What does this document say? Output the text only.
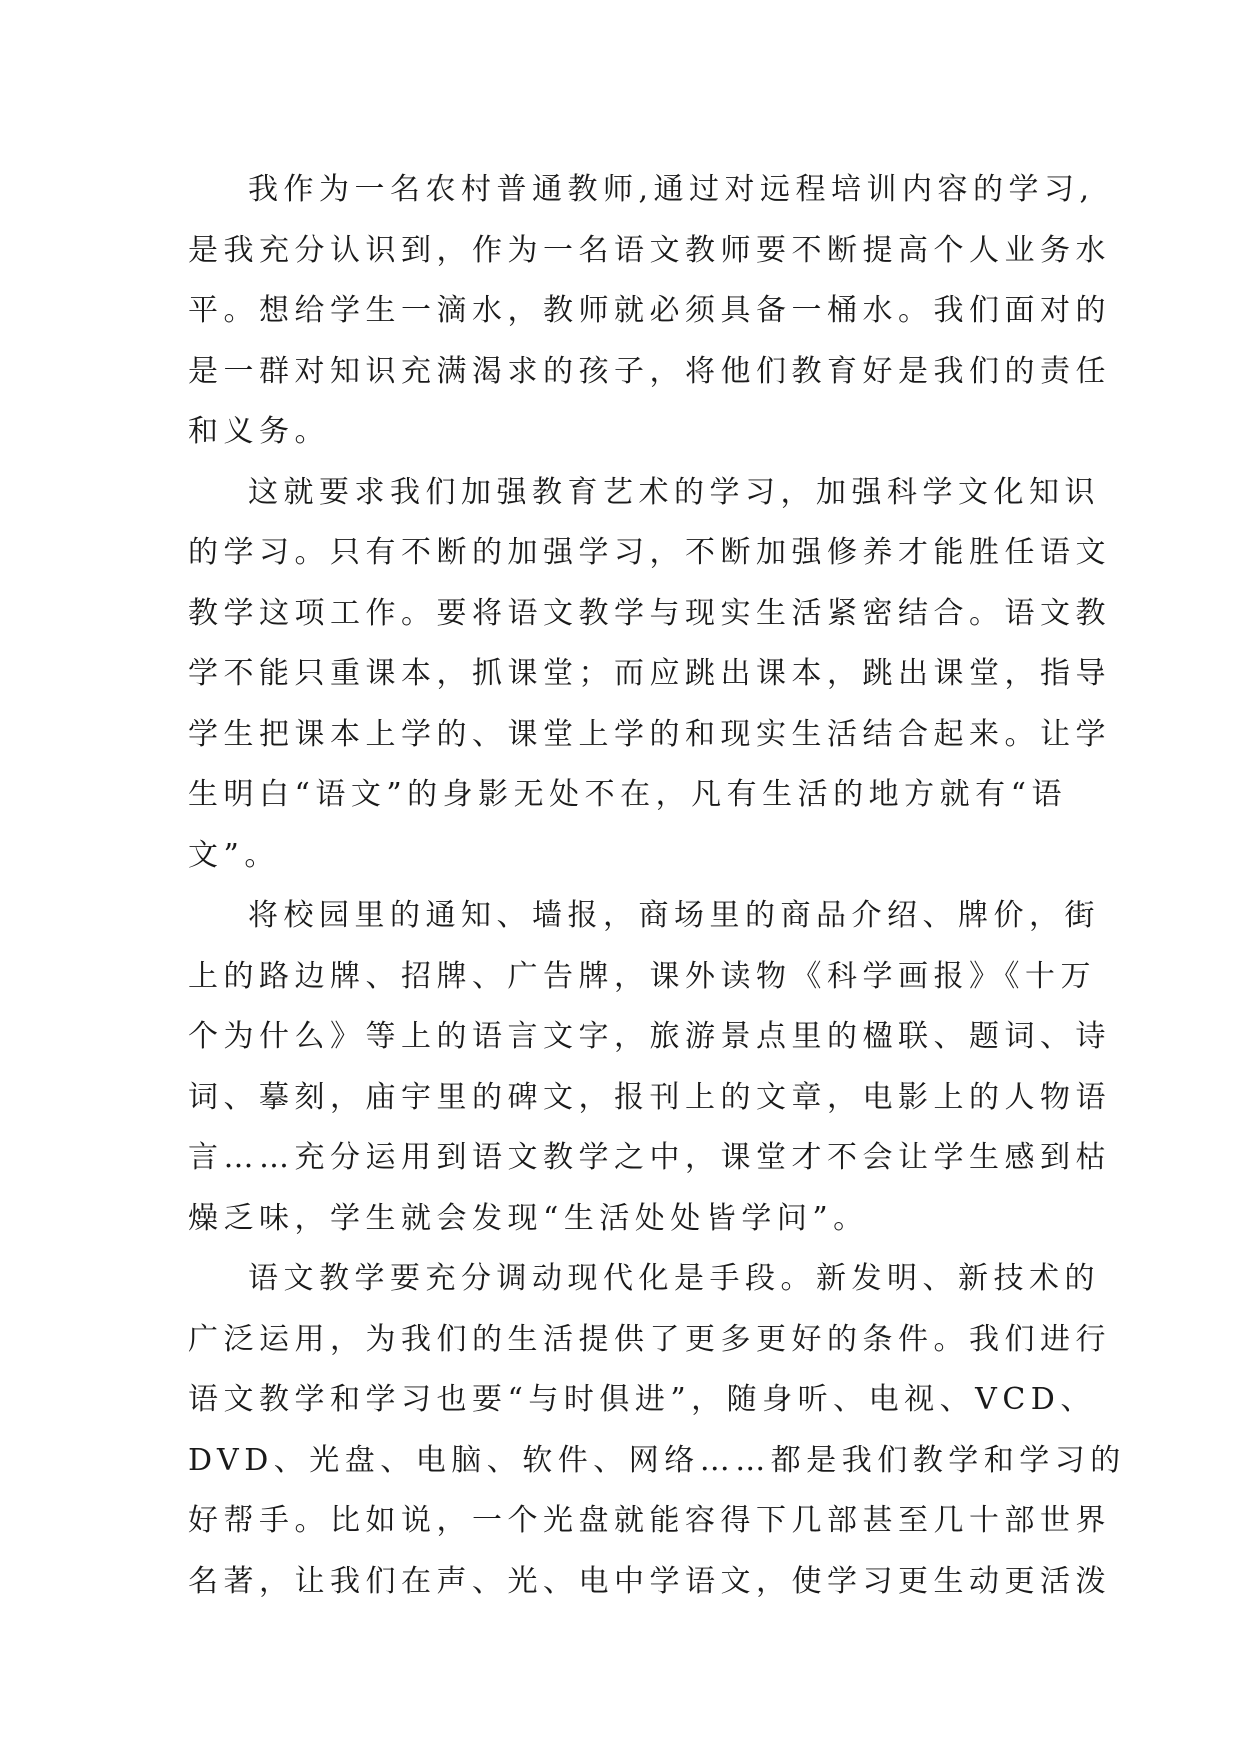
我作为一名农村普通教师,通过对远程培训内容的学习,
是我充分认识到，作为一名语文教师要不断提高个人业务水
平。想给学生一滴水，教师就必须具备一桶水。我们面对的
是一群对知识充满渴求的孩子，将他们教育好是我们的责任
和义务。

这就要求我们加强教育艺术的学习，加强科学文化知识
的学习。只有不断的加强学习，不断加强修养才能胜任语文
教学这项工作。要将语文教学与现实生活紧密结合。语文教
学不能只重课本，抓课堂；而应跳出课本，跳出课堂，指导
学生把课本上学的、课堂上学的和现实生活结合起来。让学
生明白“语文”的身影无处不在，凡有生活的地方就有“语
文”。

将校园里的通知、墙报，商场里的商品介绍、牌价，街
上的路边牌、招牌、广告牌，课外读物《科学画报》《十万
个为什么》等上的语言文字，旅游景点里的楹联、题词、诗
词、摹刻，庙宇里的碑文，报刊上的文章，电影上的人物语
言……充分运用到语文教学之中，课堂才不会让学生感到枯
燥乏味，学生就会发现“生活处处皆学问”。

语文教学要充分调动现代化是手段。新发明、新技术的
广泛运用，为我们的生活提供了更多更好的条件。我们进行
语文教学和学习也要“与时俱进”，随身听、电视、VCD、
DVD、光盘、电脑、软件、网络……都是我们教学和学习的
好帮手。比如说，一个光盘就能容得下几部甚至几十部世界
名著，让我们在声、光、电中学语文，使学习更生动更活泼
